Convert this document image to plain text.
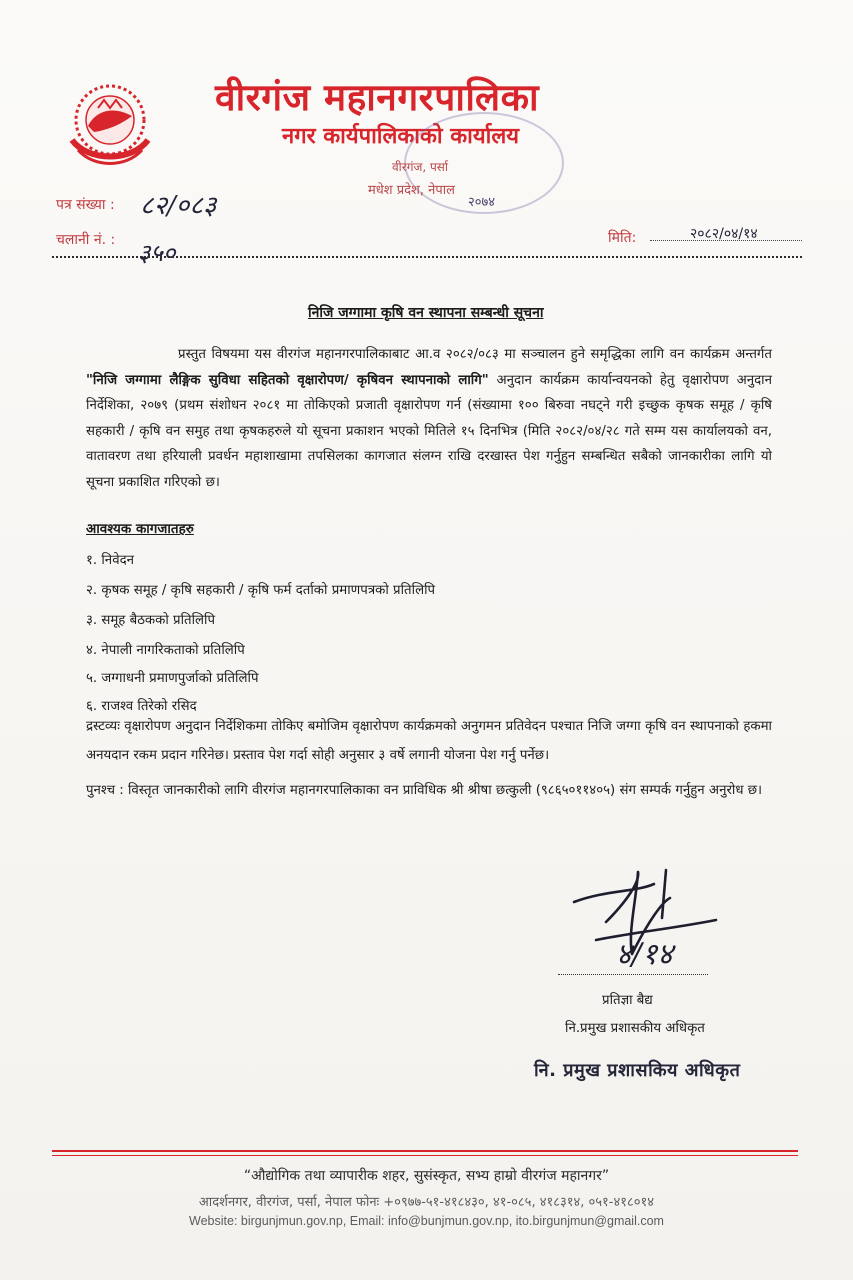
वीरगंज महानगरपालिका
नगर कार्यपालिकाको कार्यालय
वीरगंज, पर्सा
मधेश प्रदेश, नेपाल
२०७४
पत्र संख्या : ८२/०८३
चलानी नं. : ३५०
मिति:	२०८२/०४/१४
निजि जग्गामा कृषि वन स्थापना सम्बन्धी सूचना
प्रस्तुत विषयमा यस वीरगंज महानगरपालिकाबाट आ.व २०८२/०८३ मा सञ्चालन हुने समृद्धिका लागि वन कार्यक्रम अन्तर्गत "निजि जग्गामा लैङ्गिक सुविधा सहितको वृक्षारोपण/ कृषिवन स्थापनाको लागि" अनुदान कार्यक्रम कार्यान्वयनको हेतु वृक्षारोपण अनुदान निर्देशिका, २०७९ (प्रथम संशोधन २०८१ मा तोकिएको प्रजाती वृक्षारोपण गर्न (संख्यामा १०० बिरुवा नघट्ने गरी इच्छुक कृषक समूह / कृषि सहकारी / कृषि वन समुह तथा कृषकहरुले यो सूचना प्रकाशन भएको मितिले १५ दिनभित्र (मिति २०८२/०४/२८ गते सम्म यस कार्यालयको वन, वातावरण तथा हरियाली प्रवर्धन महाशाखामा तपसिलका कागजात संलग्न राखि दरखास्त पेश गर्नुहुन सम्बन्धित सबैको जानकारीका लागि यो सूचना प्रकाशित गरिएको छ।
आवश्यक कागजातहरु
१. निवेदन
२. कृषक समूह / कृषि सहकारी / कृषि फर्म दर्ताको प्रमाणपत्रको प्रतिलिपि
३. समूह बैठकको प्रतिलिपि
४. नेपाली नागरिकताको प्रतिलिपि
५. जग्गाधनी प्रमाणपुर्जाको प्रतिलिपि
६. राजश्व तिरेको रसिद
द्रस्टव्यः वृक्षारोपण अनुदान निर्देशिकमा तोकिए बमोजिम वृक्षारोपण कार्यक्रमको अनुगमन प्रतिवेदन पश्चात निजि जग्गा कृषि वन स्थापनाको हकमा अनयदान रकम प्रदान गरिनेछ। प्रस्ताव पेश गर्दा सोही अनुसार ३ वर्षे लगानी योजना पेश गर्नु पर्नेछ।
पुनश्च : विस्तृत जानकारीको लागि वीरगंज महानगरपालिकाका वन प्राविधिक श्री श्रीषा छत्कुली (९८६५०११४०५) संग सम्पर्क गर्नुहुन अनुरोध छ।
४/१४
प्रतिज्ञा बैद्य
नि.प्रमुख प्रशासकीय अधिकृत
नि. प्रमुख प्रशासकिय अधिकृत
“औद्योगिक तथा व्यापारीक शहर, सुसंस्कृत, सभ्य हाम्रो वीरगंज महानगर”
आदर्शनगर, वीरगंज, पर्सा, नेपाल फोनः +०९७७-५१-४१८४३०, ४१-०८५, ४१८३१४, ०५१-४१८०१४
Website: birgunjmun.gov.np, Email: info@bunjmun.gov.np, ito.birgunjmun@gmail.com
